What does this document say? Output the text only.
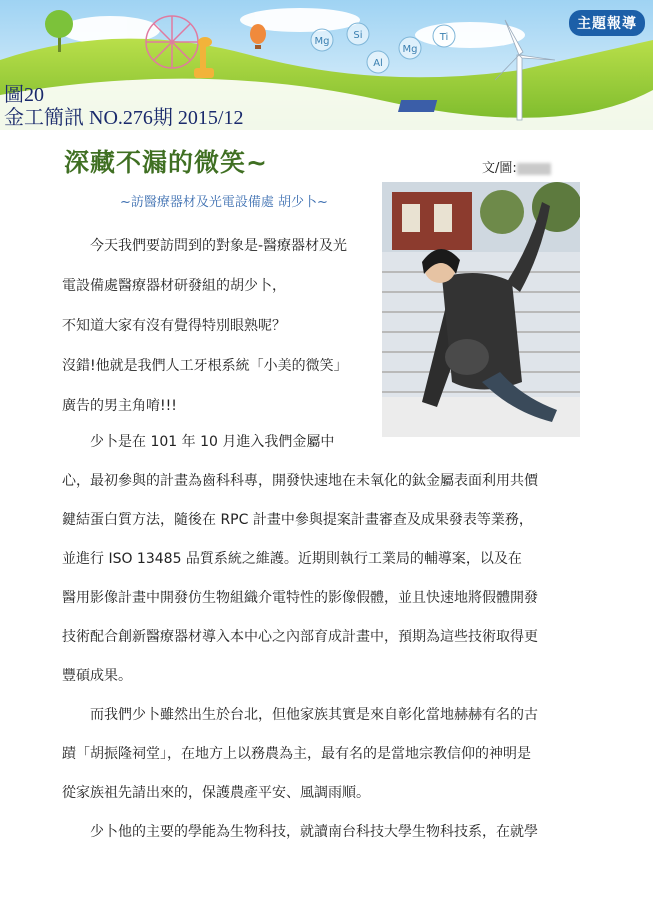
Mg
Si
Al
Mg
Ti
圖20
金工簡訊 NO.276期 2015/12
主題報導
深藏不漏的微笑~	文/圖:
~訪醫療器材及光電設備處 胡少卜~
今天我們要訪問到的對象是-醫療器材及光
電設備處醫療器材研發組的胡少卜，
不知道大家有沒有覺得特別眼熟呢？
沒錯!他就是我們人工牙根系統「小美的微笑」
廣告的男主角唷!!!
少卜是在 101 年 10 月進入我們金屬中
心，最初參與的計畫為齒科科專，開發快速地在未氧化的鈦金屬表面利用共價
鍵結蛋白質方法，隨後在 RPC 計畫中參與提案計畫審查及成果發表等業務，
並進行 ISO 13485 品質系統之維護。近期則執行工業局的輔導案，以及在
醫用影像計畫中開發仿生物組織介電特性的影像假體，並且快速地將假體開發
技術配合創新醫療器材導入本中心之內部育成計畫中，預期為這些技術取得更
豐碩成果。
而我們少卜雖然出生於台北，但他家族其實是來自彰化當地赫赫有名的古
蹟「胡振隆祠堂」，在地方上以務農為主，最有名的是當地宗教信仰的神明是
從家族祖先請出來的，保護農產平安、風調雨順。
少卜他的主要的學能為生物科技，就讀南台科技大學生物科技系，在就學
